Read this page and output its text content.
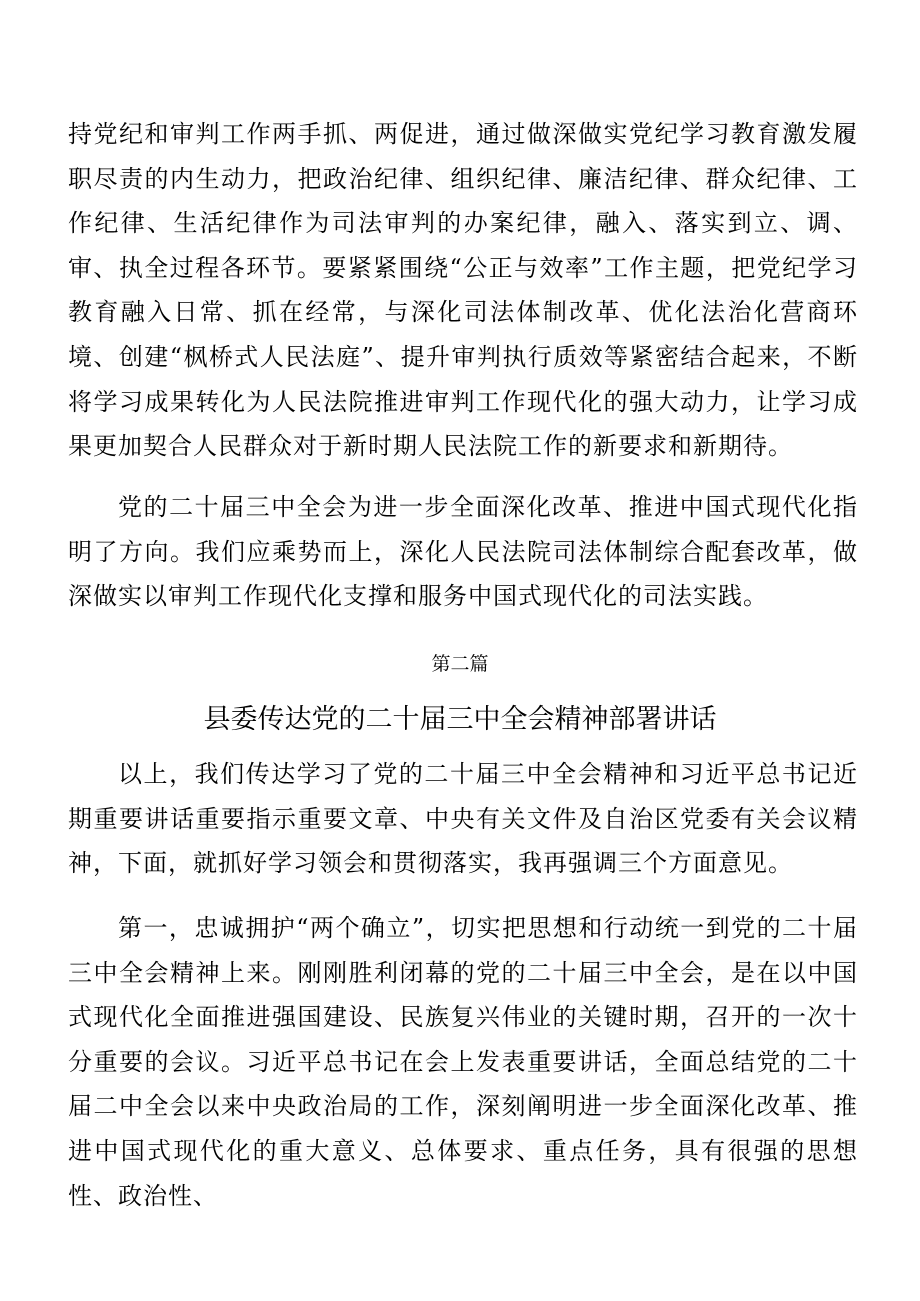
持党纪和审判工作两手抓、两促进，通过做深做实党纪学习教育激发履职尽责的内生动力，把政治纪律、组织纪律、廉洁纪律、群众纪律、工作纪律、生活纪律作为司法审判的办案纪律，融入、落实到立、调、审、执全过程各环节。要紧紧围绕“公正与效率”工作主题，把党纪学习教育融入日常、抓在经常，与深化司法体制改革、优化法治化营商环境、创建“枫桥式人民法庭”、提升审判执行质效等紧密结合起来，不断将学习成果转化为人民法院推进审判工作现代化的强大动力，让学习成果更加契合人民群众对于新时期人民法院工作的新要求和新期待。

党的二十届三中全会为进一步全面深化改革、推进中国式现代化指明了方向。我们应乘势而上，深化人民法院司法体制综合配套改革，做深做实以审判工作现代化支撑和服务中国式现代化的司法实践。

第二篇

县委传达党的二十届三中全会精神部署讲话

以上，我们传达学习了党的二十届三中全会精神和习近平总书记近期重要讲话重要指示重要文章、中央有关文件及自治区党委有关会议精神，下面，就抓好学习领会和贯彻落实，我再强调三个方面意见。

第一，忠诚拥护“两个确立”，切实把思想和行动统一到党的二十届三中全会精神上来。刚刚胜利闭幕的党的二十届三中全会，是在以中国式现代化全面推进强国建设、民族复兴伟业的关键时期，召开的一次十分重要的会议。习近平总书记在会上发表重要讲话，全面总结党的二十届二中全会以来中央政治局的工作，深刻阐明进一步全面深化改革、推进中国式现代化的重大意义、总体要求、重点任务，具有很强的思想性、政治性、
